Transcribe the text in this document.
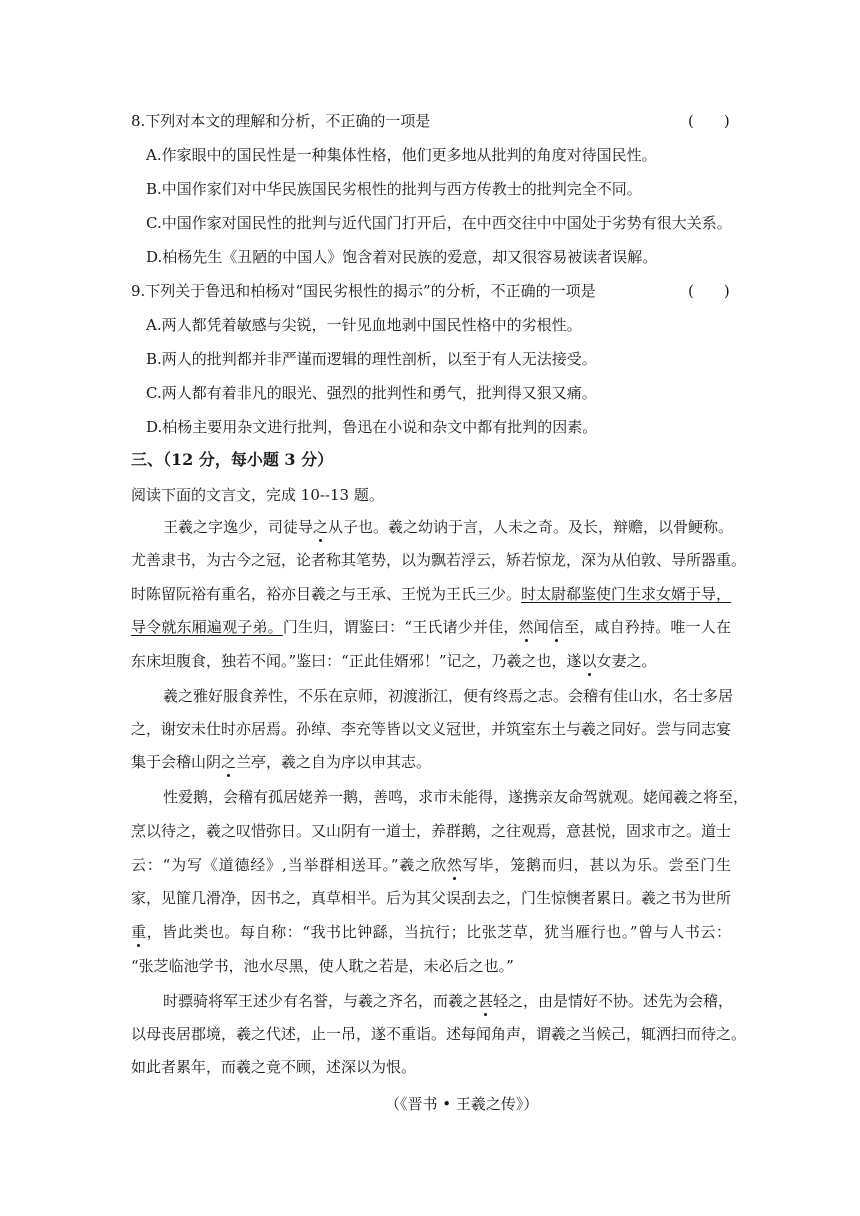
8.下列对本文的理解和分析，不正确的一项是	(　　)
A.作家眼中的国民性是一种集体性格，他们更多地从批判的角度对待国民性。
B.中国作家们对中华民族国民劣根性的批判与西方传教士的批判完全不同。
C.中国作家对国民性的批判与近代国门打开后，在中西交往中中国处于劣势有很大关系。
D.柏杨先生《丑陋的中国人》饱含着对民族的爱意，却又很容易被读者误解。
9.下列关于鲁迅和柏杨对“国民劣根性的揭示”的分析，不正确的一项是	(　　)
A.两人都凭着敏感与尖锐，一针见血地剥中国民性格中的劣根性。
B.两人的批判都并非严谨而逻辑的理性剖析，以至于有人无法接受。
C.两人都有着非凡的眼光、强烈的批判性和勇气，批判得又狠又痛。
D.柏杨主要用杂文进行批判，鲁迅在小说和杂文中都有批判的因素。
三、（12 分，每小题 3 分）
阅读下面的文言文，完成 10--13 题。
王羲之字逸少，司徒导之从子也。羲之幼讷于言，人未之奇。及长，辩赡，以骨鲠称。
尤善隶书，为古今之冠，论者称其笔势，以为飘若浮云，矫若惊龙，深为从伯敦、导所器重。
时陈留阮裕有重名，裕亦目羲之与王承、王悦为王氏三少。时太尉郗鉴使门生求女婿于导，
导令就东厢遍观子弟。门生归，谓鉴曰：“王氏诸少并佳，然闻信至，咸自矜持。唯一人在
东床坦腹食，独若不闻。”鉴曰：“正此佳婿邪！”记之，乃羲之也，遂以女妻之。
羲之雅好服食养性，不乐在京师，初渡浙江，便有终焉之志。会稽有佳山水，名士多居
之，谢安未仕时亦居焉。孙绰、李充等皆以文义冠世，并筑室东土与羲之同好。尝与同志宴
集于会稽山阴之兰亭，羲之自为序以申其志。
性爱鹅，会稽有孤居姥养一鹅，善鸣，求市未能得，遂携亲友命驾就观。姥闻羲之将至，
烹以待之，羲之叹惜弥日。又山阴有一道士，养群鹅，之往观焉，意甚悦，固求市之。道士
云：“为写《道德经》,当举群相送耳。”羲之欣然写毕，笼鹅而归，甚以为乐。尝至门生
家，见篚几滑净，因书之，真草相半。后为其父误刮去之，门生惊懊者累日。羲之书为世所
重，皆此类也。每自称：“我书比钟繇，当抗行；比张芝草，犹当雁行也。”曾与人书云：
“张芝临池学书，池水尽黑，使人耽之若是，未必后之也。”
时骠骑将军王述少有名誉，与羲之齐名，而羲之甚轻之，由是情好不协。述先为会稽，
以母丧居郡境，羲之代述，止一吊，遂不重诣。述每闻角声，谓羲之当候己，辄洒扫而待之。
如此者累年，而羲之竟不顾，述深以为恨。
（《晋书 • 王羲之传》）
